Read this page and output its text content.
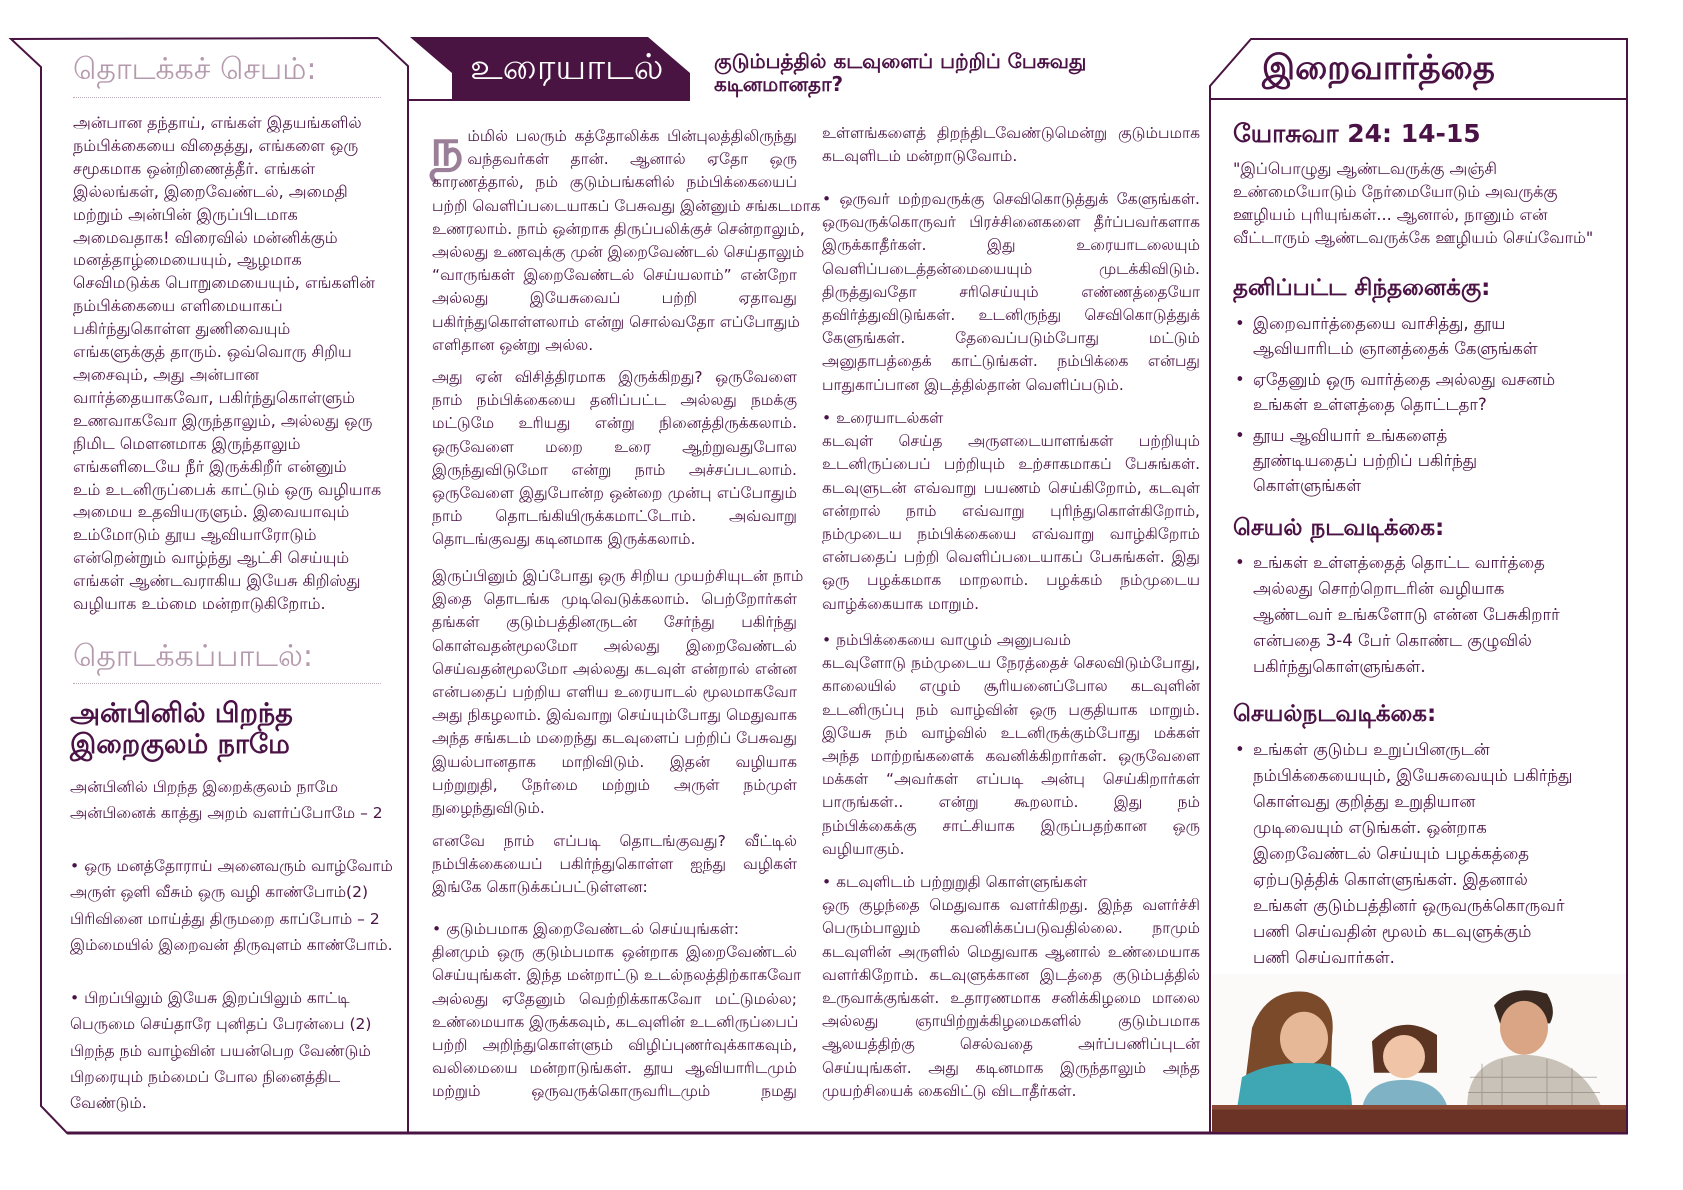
தொடக்கச் செபம்:
அன்பான தந்தாய், எங்கள் இதயங்களில்
நம்பிக்கையை விதைத்து, எங்களை ஒரு
சமூகமாக ஒன்றிணைத்தீர். எங்கள்
இல்லங்கள், இறைவேண்டல், அமைதி
மற்றும் அன்பின் இருப்பிடமாக
அமைவதாக! விரைவில் மன்னிக்கும்
மனத்தாழ்மையையும், ஆழமாக
செவிமடுக்க பொறுமையையும், எங்களின்
நம்பிக்கையை எளிமையாகப்
பகிர்ந்துகொள்ள துணிவையும்
எங்களுக்குத் தாரும். ஒவ்வொரு சிறிய
அசைவும், அது அன்பான
வார்த்தையாகவோ, பகிர்ந்துகொள்ளும்
உணவாகவோ இருந்தாலும், அல்லது ஒரு
நிமிட மௌனமாக இருந்தாலும்
எங்களிடையே நீர் இருக்கிறீர் என்னும்
உம் உடனிருப்பைக் காட்டும் ஒரு வழியாக
அமைய உதவியருளும். இவையாவும்
உம்மோடும் தூய ஆவியாரோடும்
என்றென்றும் வாழ்ந்து ஆட்சி செய்யும்
எங்கள் ஆண்டவராகிய இயேசு கிறிஸ்து
வழியாக உம்மை மன்றாடுகிறோம்.
தொடக்கப்பாடல்:
அன்பினில் பிறந்த
இறைகுலம் நாமே
அன்பினில் பிறந்த இறைக்குலம் நாமே
அன்பினைக் காத்து அறம் வளர்ப்போமே – 2
• ஒரு மனத்தோராய் அனைவரும் வாழ்வோம்
அருள் ஒளி வீசும் ஒரு வழி காண்போம்(2)
பிரிவினை மாய்த்து திருமறை காப்போம் – 2
இம்மையில் இறைவன் திருவுளம் காண்போம்.
• பிறப்பிலும் இயேசு இறப்பிலும் காட்டி
பெருமை செய்தாரே புனிதப் பேரன்பை (2)
பிறந்த நம் வாழ்வின் பயன்பெற வேண்டும்
பிறரையும் நம்மைப் போல நினைத்திட
வேண்டும்.
உரையாடல்	குடும்பத்தில் கடவுளைப் பற்றிப் பேசுவது
கடினமானதா?
ந ம்மில் பலரும் கத்தோலிக்க பின்புலத்திலிருந்து
வந்தவர்கள் தான். ஆனால் ஏதோ ஒரு
காரணத்தால், நம் குடும்பங்களில் நம்பிக்கையைப்
பற்றி வெளிப்படையாகப் பேசுவது இன்னும் சங்கடமாக
உணரலாம். நாம் ஒன்றாக திருப்பலிக்குச் சென்றாலும்,
அல்லது உணவுக்கு முன் இறைவேண்டல் செய்தாலும்
“வாருங்கள் இறைவேண்டல் செய்யலாம்” என்றோ
அல்லது இயேசுவைப் பற்றி ஏதாவது
பகிர்ந்துகொள்ளலாம் என்று சொல்வதோ எப்போதும்
எளிதான ஒன்று அல்ல.
அது ஏன் விசித்திரமாக இருக்கிறது? ஒருவேளை
நாம் நம்பிக்கையை தனிப்பட்ட அல்லது நமக்கு
மட்டுமே உரியது என்று நினைத்திருக்கலாம்.
ஒருவேளை மறை உரை ஆற்றுவதுபோல
இருந்துவிடுமோ என்று நாம் அச்சப்படலாம்.
ஒருவேளை இதுபோன்ற ஒன்றை முன்பு எப்போதும்
நாம் தொடங்கியிருக்கமாட்டோம். அவ்வாறு
தொடங்குவது கடினமாக இருக்கலாம்.
இருப்பினும் இப்போது ஒரு சிறிய முயற்சியுடன் நாம்
இதை தொடங்க முடிவெடுக்கலாம். பெற்றோர்கள்
தங்கள் குடும்பத்தினருடன் சேர்ந்து பகிர்ந்து
கொள்வதன்மூலமோ அல்லது இறைவேண்டல்
செய்வதன்மூலமோ அல்லது கடவுள் என்றால் என்ன
என்பதைப் பற்றிய எளிய உரையாடல் மூலமாகவோ
அது நிகழலாம். இவ்வாறு செய்யும்போது மெதுவாக
அந்த சங்கடம் மறைந்து கடவுளைப் பற்றிப் பேசுவது
இயல்பானதாக மாறிவிடும். இதன் வழியாக
பற்றுறுதி, நேர்மை மற்றும் அருள் நம்முள்
நுழைந்துவிடும்.
எனவே நாம் எப்படி தொடங்குவது? வீட்டில்
நம்பிக்கையைப் பகிர்ந்துகொள்ள ஐந்து வழிகள்
இங்கே கொடுக்கப்பட்டுள்ளன:
• குடும்பமாக இறைவேண்டல் செய்யுங்கள்:
தினமும் ஒரு குடும்பமாக ஒன்றாக இறைவேண்டல்
செய்யுங்கள். இந்த மன்றாட்டு உடல்நலத்திற்காகவோ
அல்லது ஏதேனும் வெற்றிக்காகவோ மட்டுமல்ல;
உண்மையாக இருக்கவும், கடவுளின் உடனிருப்பைப்
பற்றி அறிந்துகொள்ளும் விழிப்புணர்வுக்காகவும்,
வலிமையை மன்றாடுங்கள். தூய ஆவியாரிடமும்
மற்றும் ஒருவருக்கொருவரிடமும் நமது
உள்ளங்களைத் திறந்திடவேண்டுமென்று குடும்பமாக
கடவுளிடம் மன்றாடுவோம்.
• ஒருவர் மற்றவருக்கு செவிகொடுத்துக் கேளுங்கள்.
ஒருவருக்கொருவர் பிரச்சினைகளை தீர்ப்பவர்களாக
இருக்காதீர்கள். இது உரையாடலையும்
வெளிப்படைத்தன்மையையும் முடக்கிவிடும்.
திருத்துவதோ சரிசெய்யும் எண்ணத்தையோ
தவிர்த்துவிடுங்கள். உடனிருந்து செவிகொடுத்துக்
கேளுங்கள். தேவைப்படும்போது மட்டும்
அனுதாபத்தைக் காட்டுங்கள். நம்பிக்கை என்பது
பாதுகாப்பான இடத்தில்தான் வெளிப்படும்.
• உரையாடல்கள்
கடவுள் செய்த அருளடையாளங்கள் பற்றியும்
உடனிருப்பைப் பற்றியும் உற்சாகமாகப் பேசுங்கள்.
கடவுளுடன் எவ்வாறு பயணம் செய்கிறோம், கடவுள்
என்றால் நாம் எவ்வாறு புரிந்துகொள்கிறோம்,
நம்முடைய நம்பிக்கையை எவ்வாறு வாழ்கிறோம்
என்பதைப் பற்றி வெளிப்படையாகப் பேசுங்கள். இது
ஒரு பழக்கமாக மாறலாம். பழக்கம் நம்முடைய
வாழ்க்கையாக மாறும்.
• நம்பிக்கையை வாழும் அனுபவம்
கடவுளோடு நம்முடைய நேரத்தைச் செலவிடும்போது,
காலையில் எழும் சூரியனைப்போல கடவுளின்
உடனிருப்பு நம் வாழ்வின் ஒரு பகுதியாக மாறும்.
இயேசு நம் வாழ்வில் உடனிருக்கும்போது மக்கள்
அந்த மாற்றங்களைக் கவனிக்கிறார்கள். ஒருவேளை
மக்கள் “அவர்கள் எப்படி அன்பு செய்கிறார்கள்
பாருங்கள்.. என்று கூறலாம். இது நம்
நம்பிக்கைக்கு சாட்சியாக இருப்பதற்கான ஒரு
வழியாகும்.
• கடவுளிடம் பற்றுறுதி கொள்ளுங்கள்
ஒரு குழந்தை மெதுவாக வளர்கிறது. இந்த வளர்ச்சி
பெரும்பாலும் கவனிக்கப்படுவதில்லை. நாமும்
கடவுளின் அருளில் மெதுவாக ஆனால் உண்மையாக
வளர்கிறோம். கடவுளுக்கான இடத்தை குடும்பத்தில்
உருவாக்குங்கள். உதாரணமாக சனிக்கிழமை மாலை
அல்லது ஞாயிற்றுக்கிழமைகளில் குடும்பமாக
ஆலயத்திற்கு செல்வதை அர்ப்பணிப்புடன்
செய்யுங்கள். அது கடினமாக இருந்தாலும் அந்த
முயற்சியைக் கைவிட்டு விடாதீர்கள்.
இறைவார்த்தை
யோசுவா 24: 14-15
"இப்பொழுது ஆண்டவருக்கு அஞ்சி
உண்மையோடும் நேர்மையோடும் அவருக்கு
ஊழியம் புரியுங்கள்... ஆனால், நானும் என்
வீட்டாரும் ஆண்டவருக்கே ஊழியம் செய்வோம்"
தனிப்பட்ட சிந்தனைக்கு:
• இறைவார்த்தையை வாசித்து, தூய
ஆவியாரிடம் ஞானத்தைக் கேளுங்கள்
• ஏதேனும் ஒரு வார்த்தை அல்லது வசனம்
உங்கள் உள்ளத்தை தொட்டதா?
• தூய ஆவியார் உங்களைத்
தூண்டியதைப் பற்றிப் பகிர்ந்து
கொள்ளுங்கள்
செயல் நடவடிக்கை:
• உங்கள் உள்ளத்தைத் தொட்ட வார்த்தை
அல்லது சொற்றொடரின் வழியாக
ஆண்டவர் உங்களோடு என்ன பேசுகிறார்
என்பதை 3-4 பேர் கொண்ட குழுவில்
பகிர்ந்துகொள்ளுங்கள்.
செயல்நடவடிக்கை:
• உங்கள் குடும்ப உறுப்பினருடன்
நம்பிக்கையையும், இயேசுவையும் பகிர்ந்து
கொள்வது குறித்து உறுதியான
முடிவையும் எடுங்கள். ஒன்றாக
இறைவேண்டல் செய்யும் பழக்கத்தை
ஏற்படுத்திக் கொள்ளுங்கள். இதனால்
உங்கள் குடும்பத்தினர் ஒருவருக்கொருவர்
பணி செய்வதின் மூலம் கடவுளுக்கும்
பணி செய்வார்கள்.
